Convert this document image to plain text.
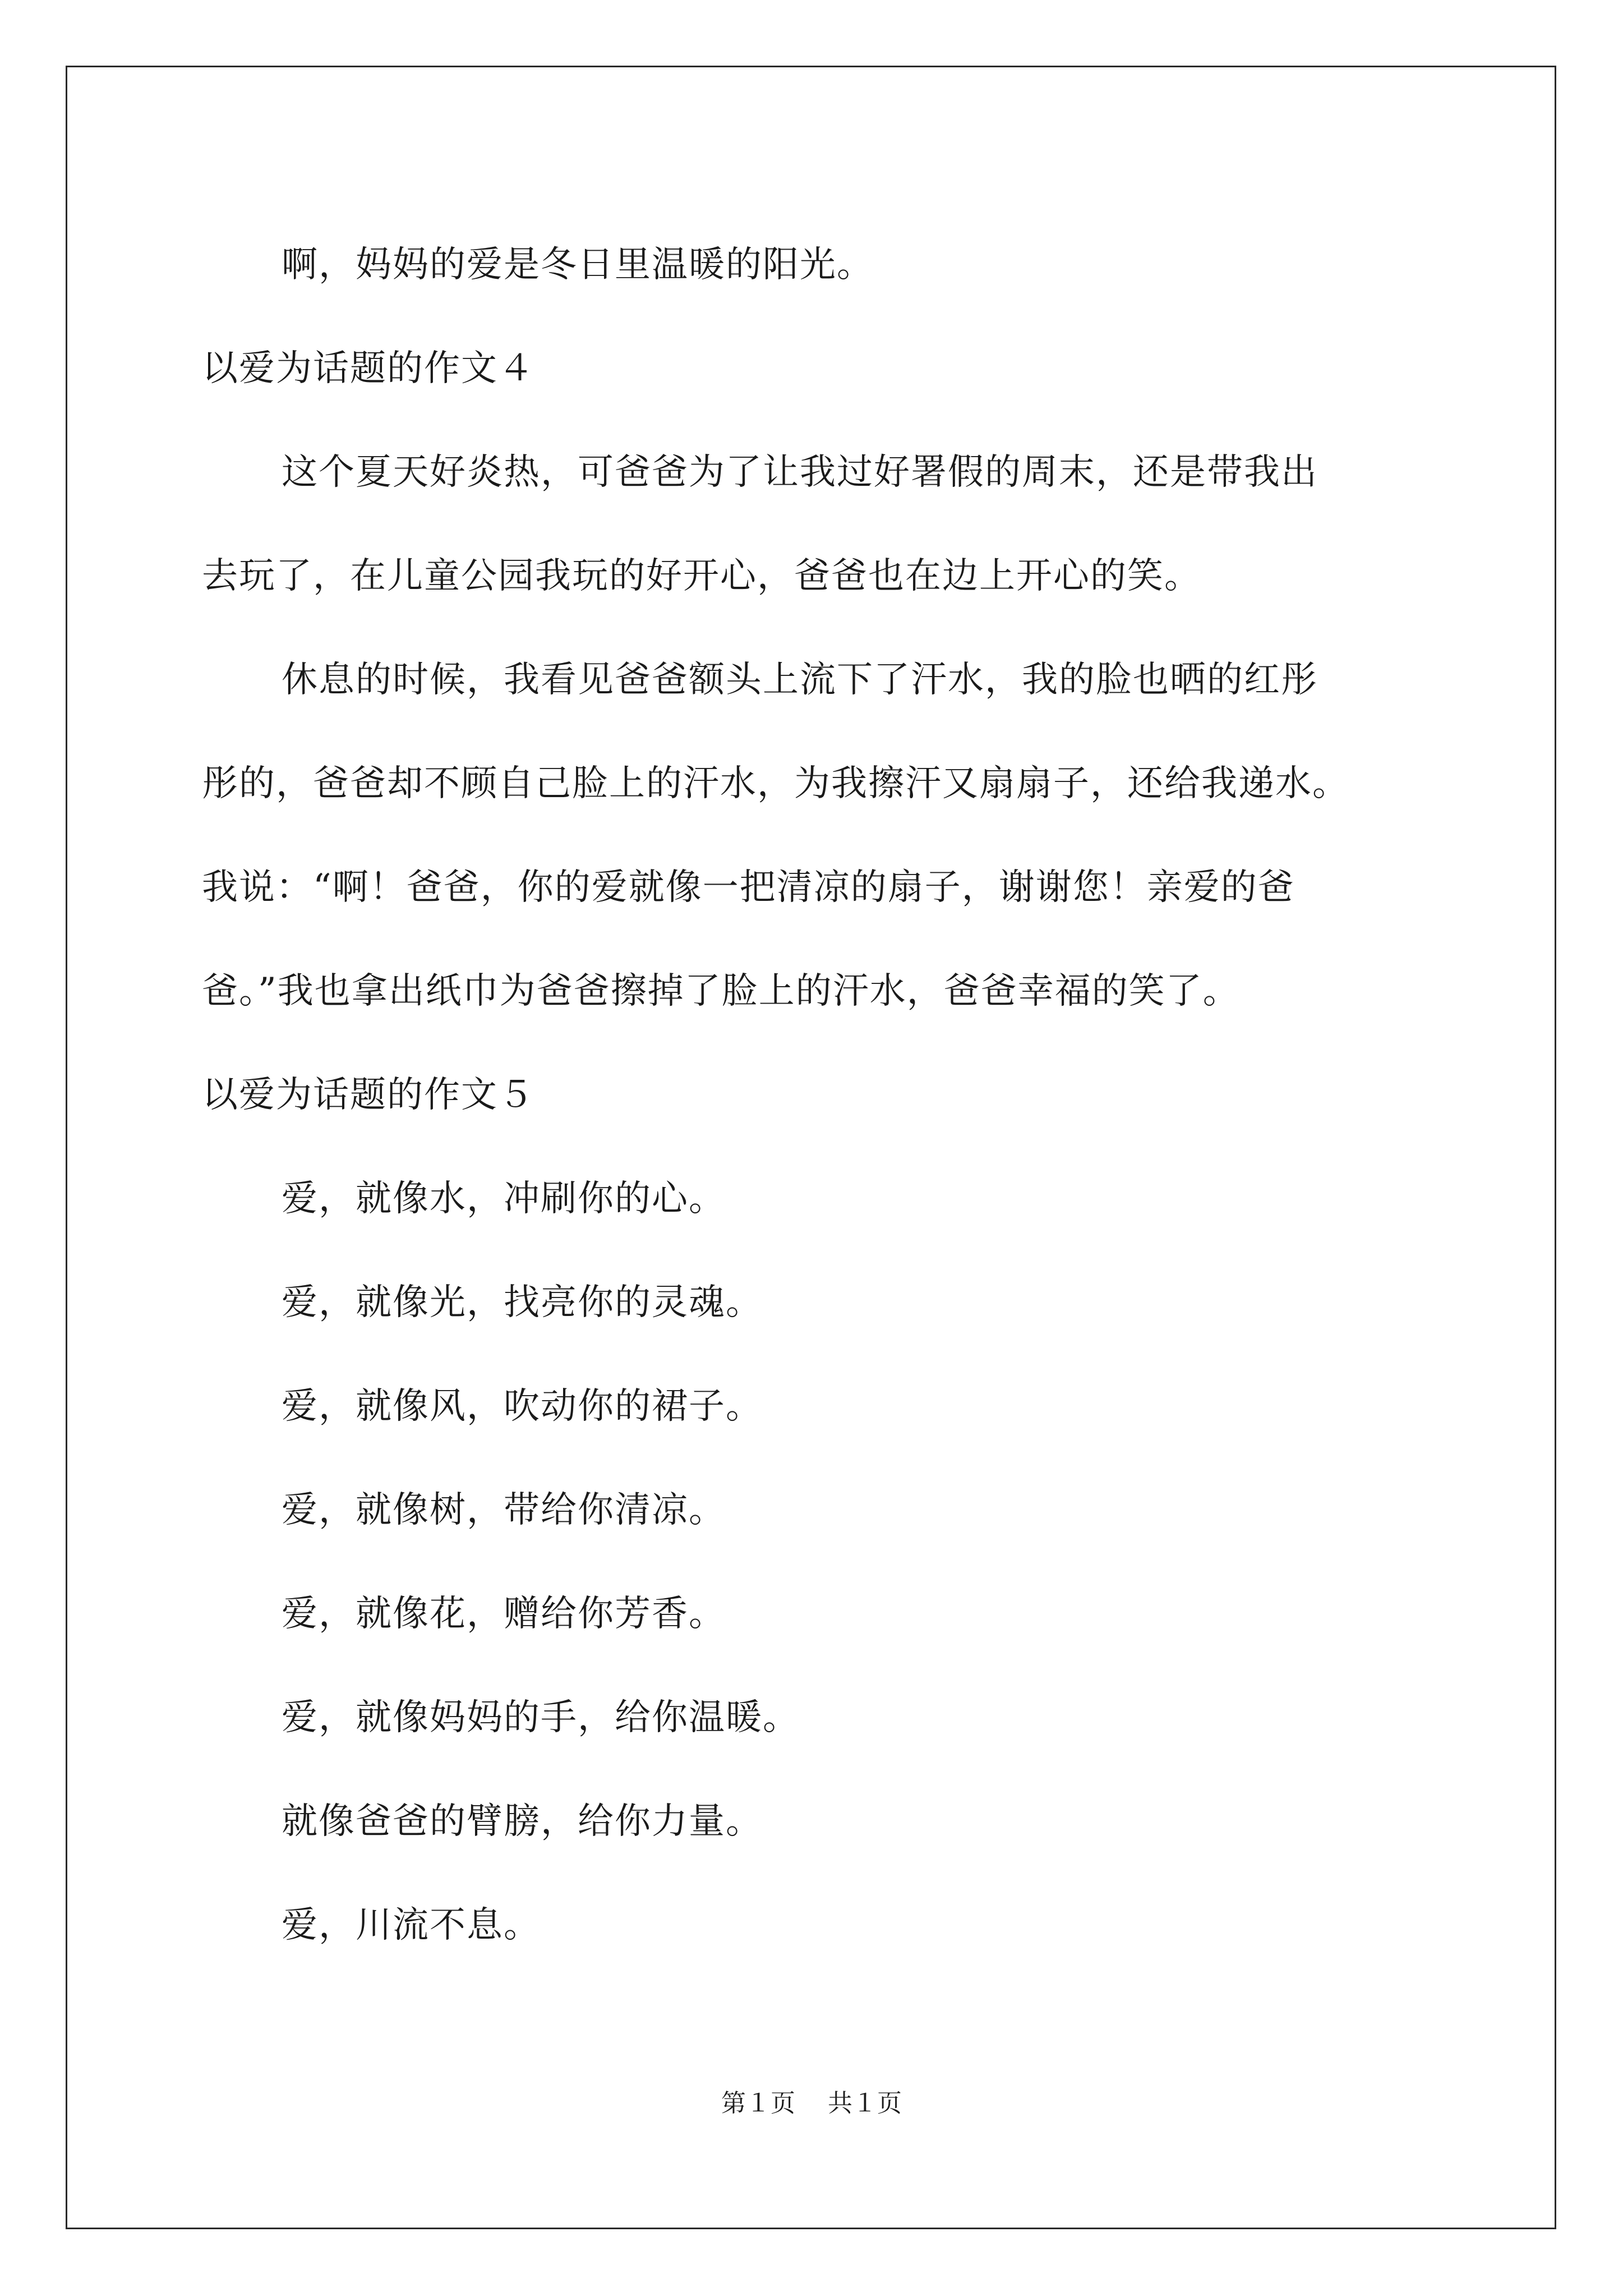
啊，妈妈的爱是冬日里温暖的阳光。
以爱为话题的作文４
这个夏天好炎热，可爸爸为了让我过好署假的周末，还是带我出
去玩了，在儿童公园我玩的好开心，爸爸也在边上开心的笑。
休息的时候，我看见爸爸额头上流下了汗水，我的脸也晒的红彤
彤的，爸爸却不顾自己脸上的汗水，为我擦汗又扇扇子，还给我递水。
我说：“啊！爸爸，你的爱就像一把清凉的扇子，谢谢您！亲爱的爸
爸。”我也拿出纸巾为爸爸擦掉了脸上的汗水，爸爸幸福的笑了。
以爱为话题的作文５
爱，就像水，冲刷你的心。
爱，就像光，找亮你的灵魂。
爱，就像风，吹动你的裙子。
爱，就像树，带给你清凉。
爱，就像花，赠给你芳香。
爱，就像妈妈的手，给你温暖。
就像爸爸的臂膀，给你力量。
爱，川流不息。
第１页 共１页
